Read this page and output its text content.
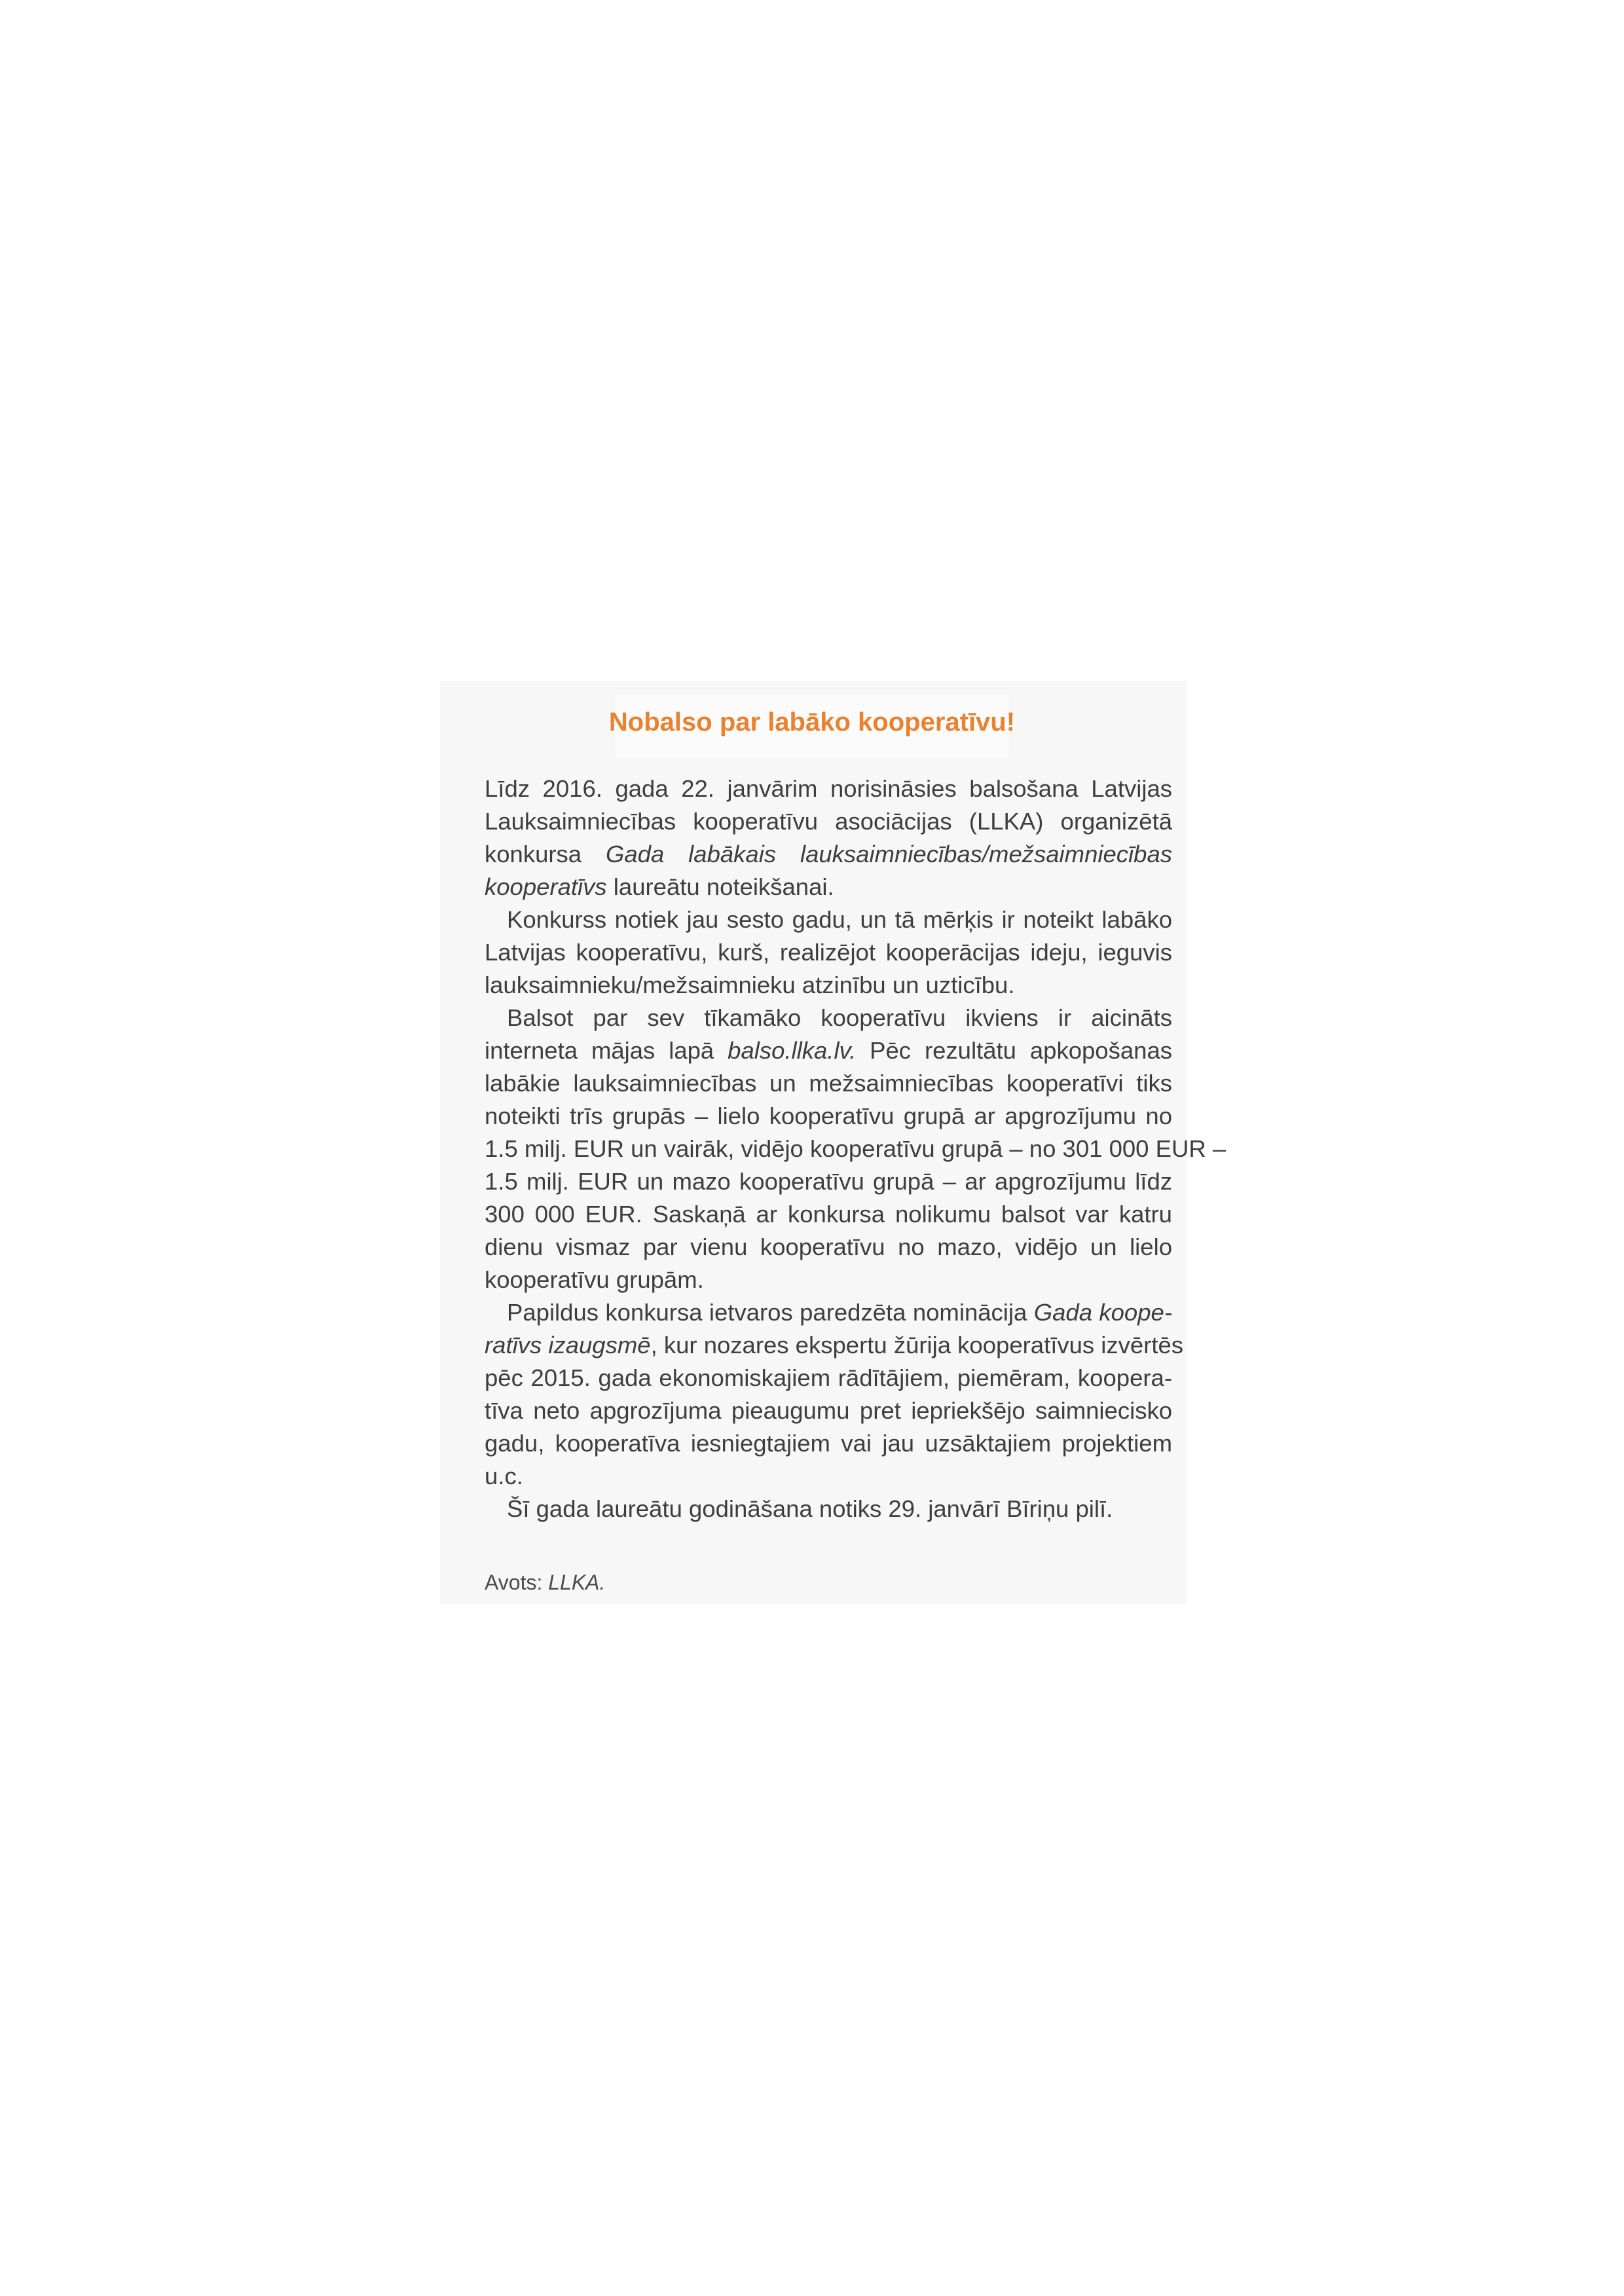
Nobalso par labāko kooperatīvu!
Līdz 2016. gada 22. janvārim norisināsies balsošana Latvijas
Lauksaimniecības kooperatīvu asociācijas (LLKA) organizētā
konkursa Gada labākais lauksaimniecības/mežsaimniecības
kooperatīvs laureātu noteikšanai.
Konkurss notiek jau sesto gadu, un tā mērķis ir noteikt labāko
Latvijas kooperatīvu, kurš, realizējot kooperācijas ideju, ieguvis
lauksaimnieku/mežsaimnieku atzinību un uzticību.
Balsot par sev tīkamāko kooperatīvu ikviens ir aicināts
interneta mājas lapā balso.llka.lv. Pēc rezultātu apkopošanas
labākie lauksaimniecības un mežsaimniecības kooperatīvi tiks
noteikti trīs grupās – lielo kooperatīvu grupā ar apgrozījumu no
1.5 milj. EUR un vairāk, vidējo kooperatīvu grupā – no 301 000 EUR –
1.5 milj. EUR un mazo kooperatīvu grupā – ar apgrozījumu līdz
300 000 EUR. Saskaņā ar konkursa nolikumu balsot var katru
dienu vismaz par vienu kooperatīvu no mazo, vidējo un lielo
kooperatīvu grupām.
Papildus konkursa ietvaros paredzēta nominācija Gada koope-
ratīvs izaugsmē, kur nozares ekspertu žūrija kooperatīvus izvērtēs
pēc 2015. gada ekonomiskajiem rādītājiem, piemēram, koopera-
tīva neto apgrozījuma pieaugumu pret iepriekšējo saimniecisko
gadu, kooperatīva iesniegtajiem vai jau uzsāktajiem projektiem
u.c.
Šī gada laureātu godināšana notiks 29. janvārī Bīriņu pilī.
Avots: LLKA.
